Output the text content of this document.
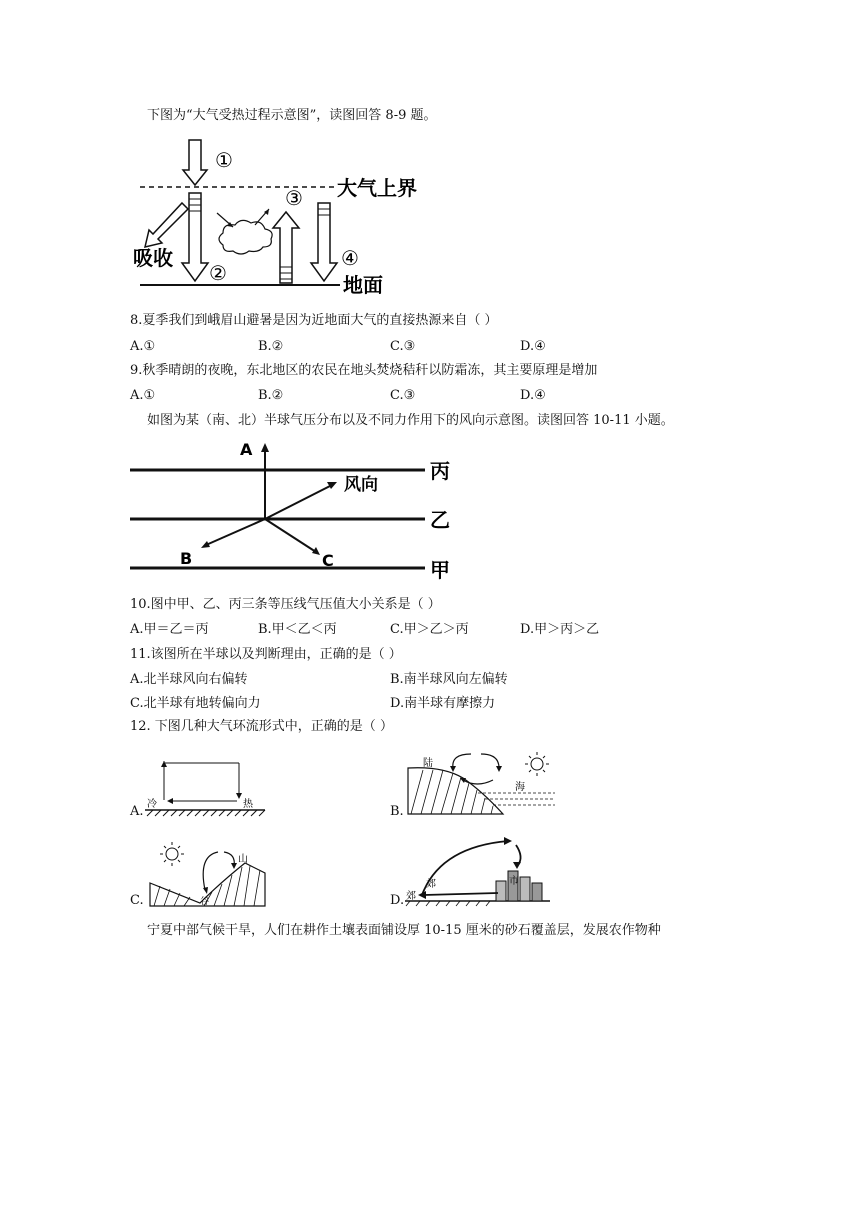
下图为“大气受热过程示意图”，读图回答 8-9 题。
①
②
③
④
大气上界
吸收
地面
8.夏季我们到峨眉山避暑是因为近地面大气的直接热源来自（ ）
A.①	B.②	C.③	D.④
9.秋季晴朗的夜晚，东北地区的农民在地头焚烧秸秆以防霜冻，其主要原理是增加
A.①	B.②	C.③	D.④
如图为某（南、北）半球气压分布以及不同力作用下的风向示意图。读图回答 10-11 小题。
A
B	C
风向
丙
乙
甲
10.图中甲、乙、丙三条等压线气压值大小关系是（ ）
A.甲＝乙＝丙	B.甲＜乙＜丙	C.甲＞乙＞丙	D.甲＞丙＞乙
11.该图所在半球以及判断理由，正确的是（ ）
A.北半球风向右偏转	B.南半球风向左偏转
C.北半球有地转偏向力	D.南半球有摩擦力
12. 下图几种大气环流形式中，正确的是（ ）
A. 冷	热	B.
陆
海
C.	谷
山
D.
郊
郊
市
宁夏中部气候干旱，人们在耕作土壤表面铺设厚 10-15 厘米的砂石覆盖层，发展农作物种
